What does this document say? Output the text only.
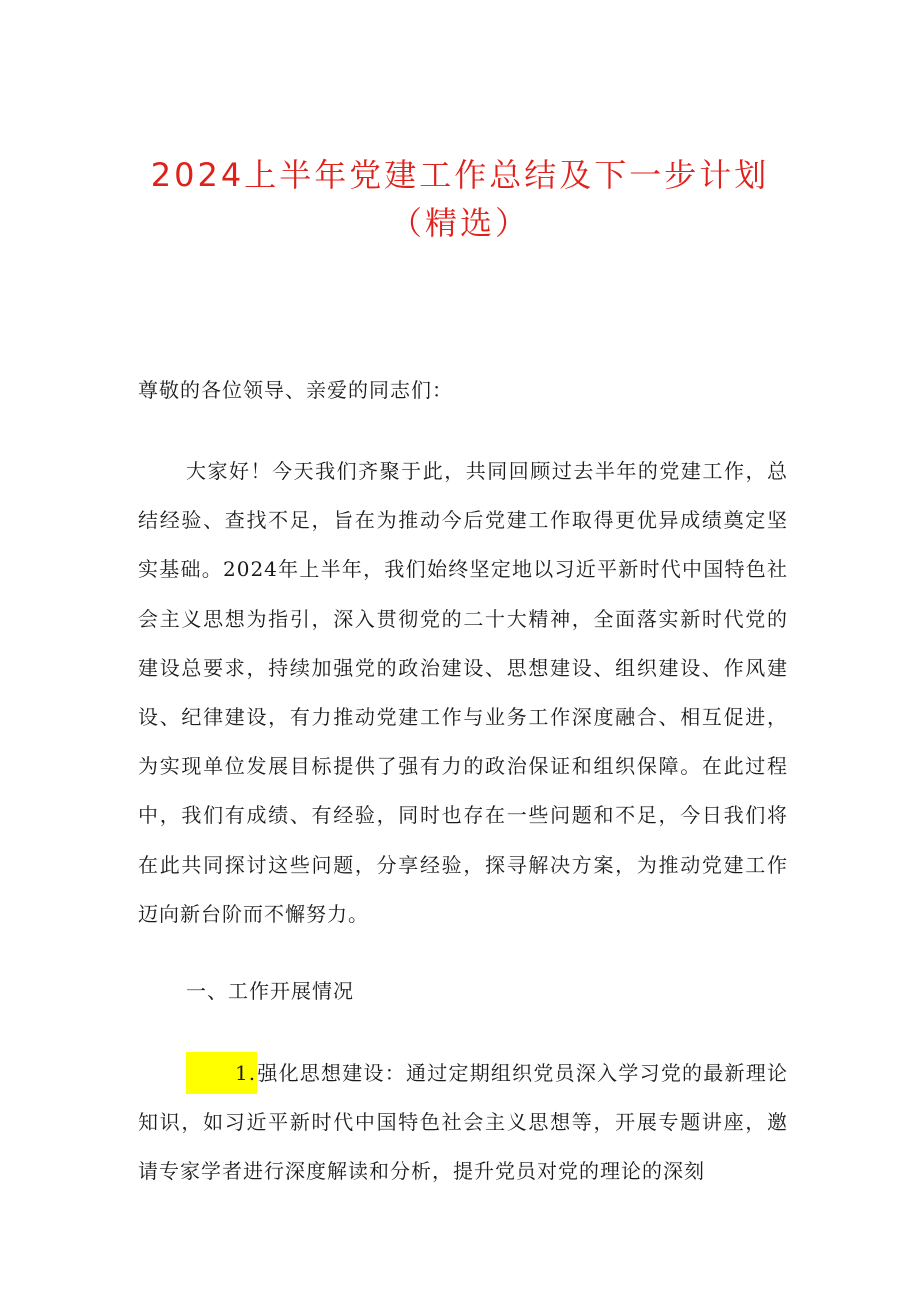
2024上半年党建工作总结及下一步计划
（精选）

尊敬的各位领导、亲爱的同志们：

大家好！今天我们齐聚于此，共同回顾过去半年的党建工作，总结经验、查找不足，旨在为推动今后党建工作取得更优异成绩奠定坚实基础。2024年上半年，我们始终坚定地以习近平新时代中国特色社会主义思想为指引，深入贯彻党的二十大精神，全面落实新时代党的建设总要求，持续加强党的政治建设、思想建设、组织建设、作风建设、纪律建设，有力推动党建工作与业务工作深度融合、相互促进，为实现单位发展目标提供了强有力的政治保证和组织保障。在此过程中，我们有成绩、有经验，同时也存在一些问题和不足，今日我们将在此共同探讨这些问题，分享经验，探寻解决方案，为推动党建工作迈向新台阶而不懈努力。

一、工作开展情况

1.强化思想建设：通过定期组织党员深入学习党的最新理论知识，如习近平新时代中国特色社会主义思想等，开展专题讲座，邀请专家学者进行深度解读和分析，提升党员对党的理论的深刻
